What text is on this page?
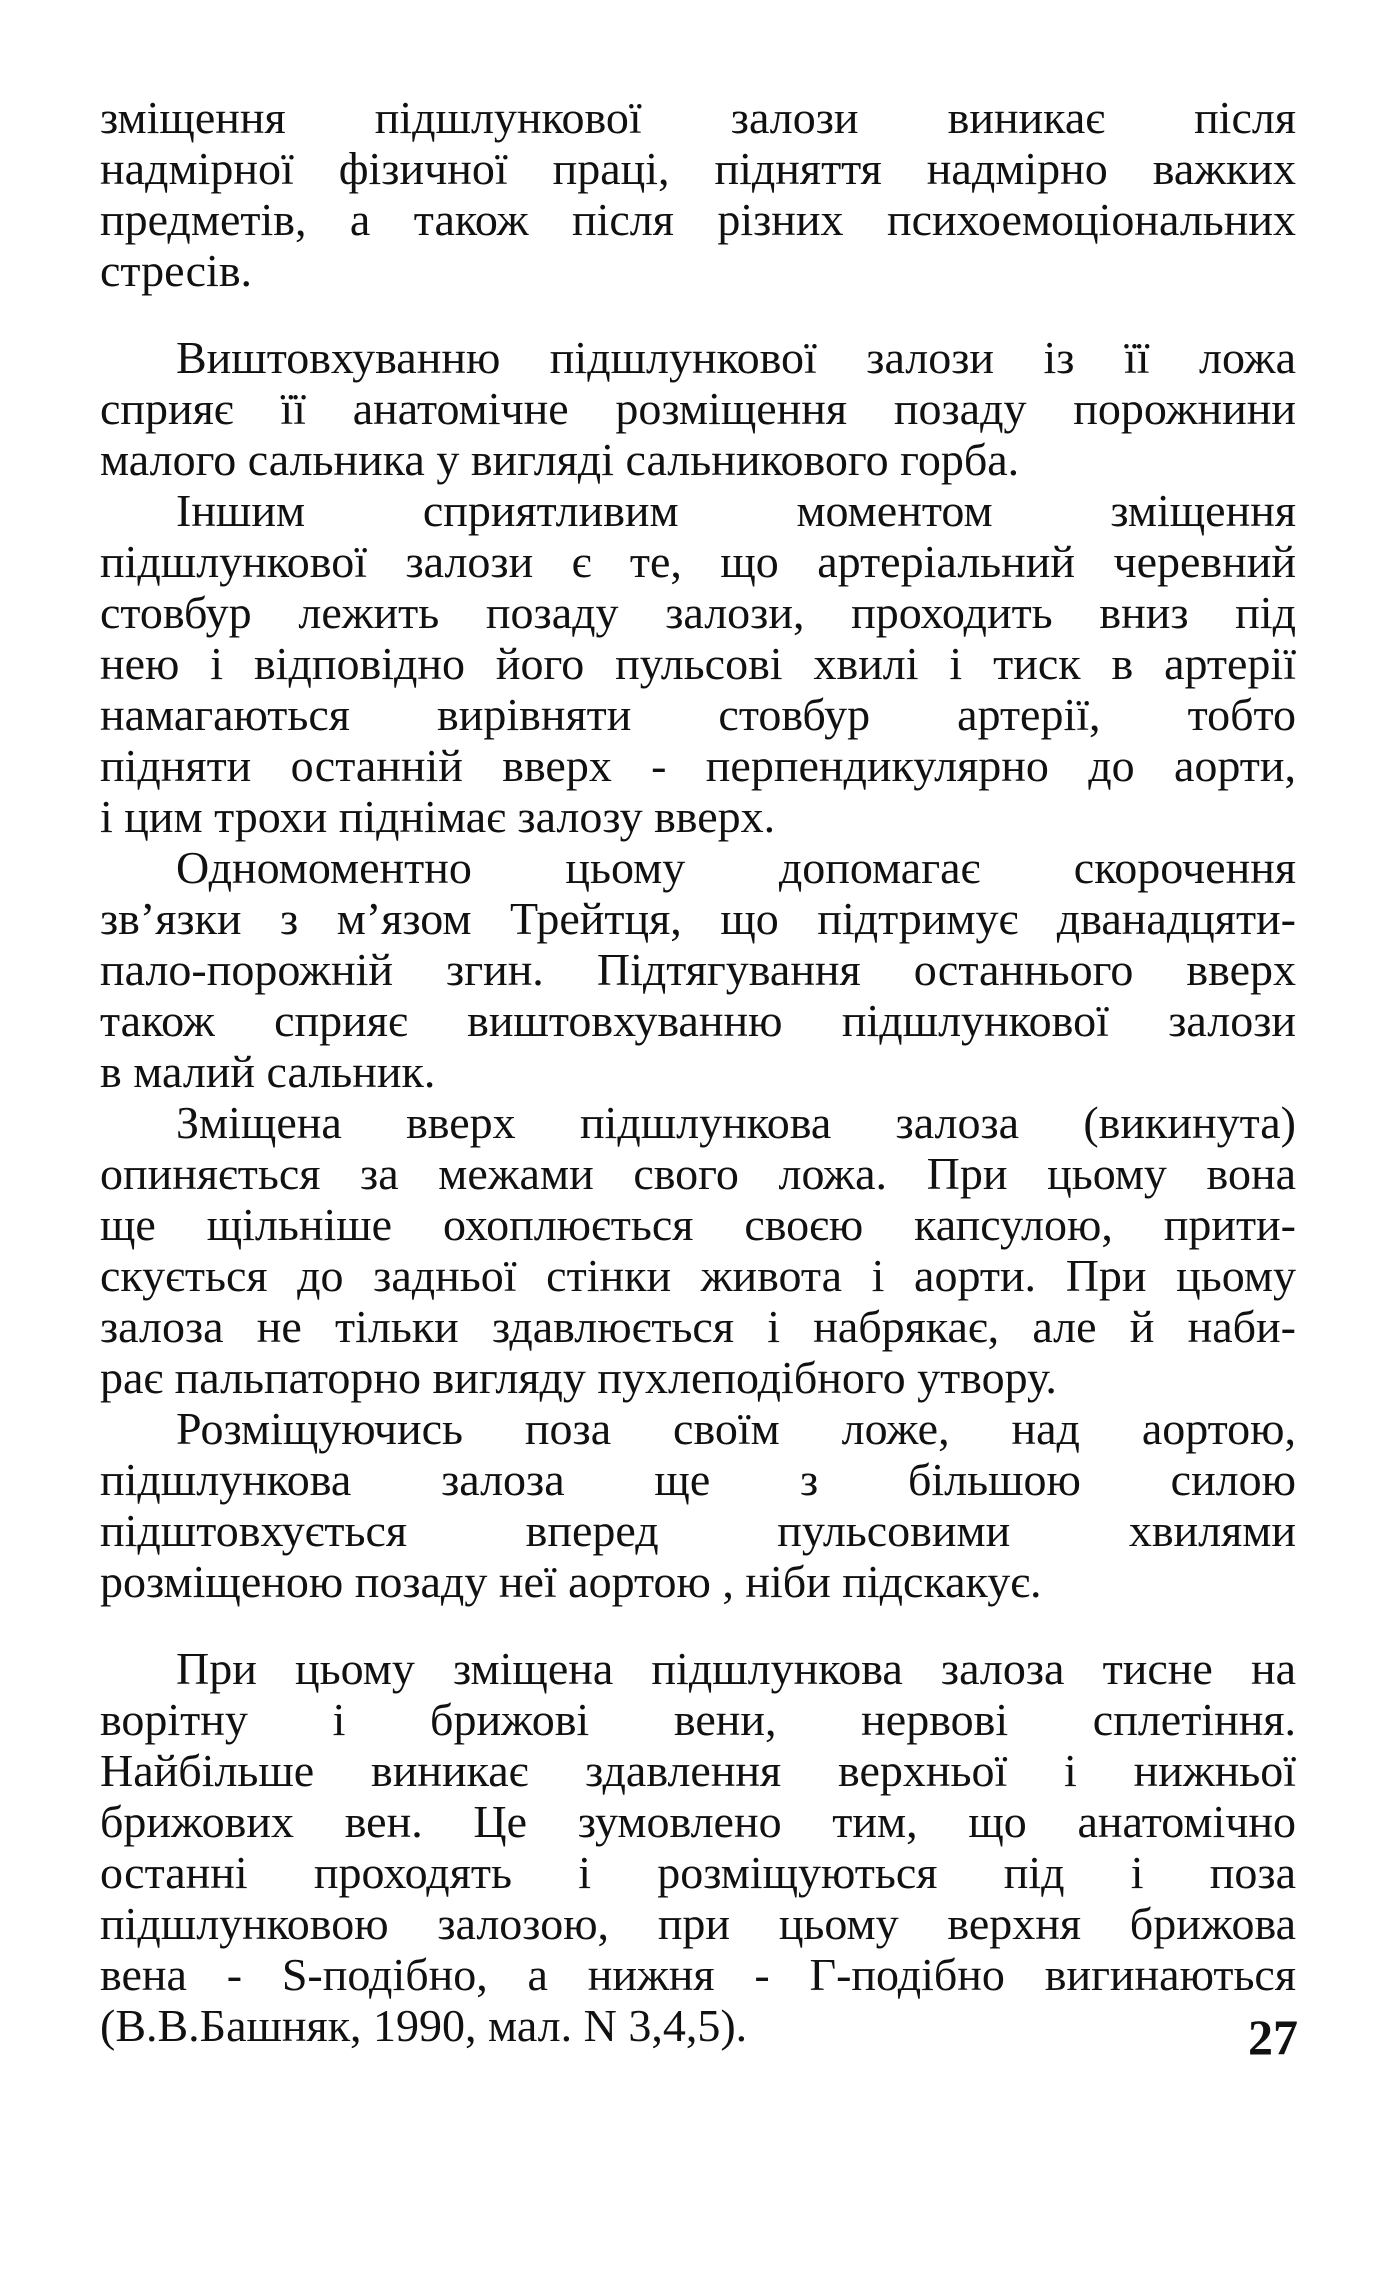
зміщення підшлункової залози виникає після
надмірної фізичної праці, підняття надмірно важких
предметів, а також після різних психоемоціональних
стресів.
Виштовхуванню підшлункової залози із її ложа
сприяє її анатомічне розміщення позаду порожнини
малого сальника у вигляді сальникового горба.
Іншим сприятливим моментом зміщення
підшлункової залози є те, що артеріальний черевний
стовбур лежить позаду залози, проходить вниз під
нею і відповідно його пульсові хвилі і тиск в артерії
намагаються вирівняти стовбур артерії, тобто
підняти останній вверх - перпендикулярно до аорти,
і цим трохи піднімає залозу вверх.
Одномоментно цьому допомагає скорочення
зв’язки з м’язом Трейтця, що підтримує дванадцяти-
пало-порожній згин. Підтягування останнього вверх
також сприяє виштовхуванню підшлункової залози
в малий сальник.
Зміщена вверх підшлункова залоза (викинута)
опиняється за межами свого ложа. При цьому вона
ще щільніше охоплюється своєю капсулою, прити-
скується до задньої стінки живота і аорти. При цьому
залоза не тільки здавлюється і набрякає, але й наби-
рає пальпаторно вигляду пухлеподібного утвору.
Розміщуючись поза своїм ложе, над аортою,
підшлункова залоза ще з більшою силою
підштовхується вперед пульсовими хвилями
розміщеною позаду неї аортою , ніби підскакує.
При цьому зміщена підшлункова залоза тисне на
ворітну і брижові вени, нервові сплетіння.
Найбільше виникає здавлення верхньої і нижньої
брижових вен. Це зумовлено тим, що анатомічно
останні проходять і розміщуються під і поза
підшлунковою залозою, при цьому верхня брижова
вена - S-подібно, а нижня - Г-подібно вигинаються
(В.В.Башняк, 1990, мал. N 3,4,5).	27
